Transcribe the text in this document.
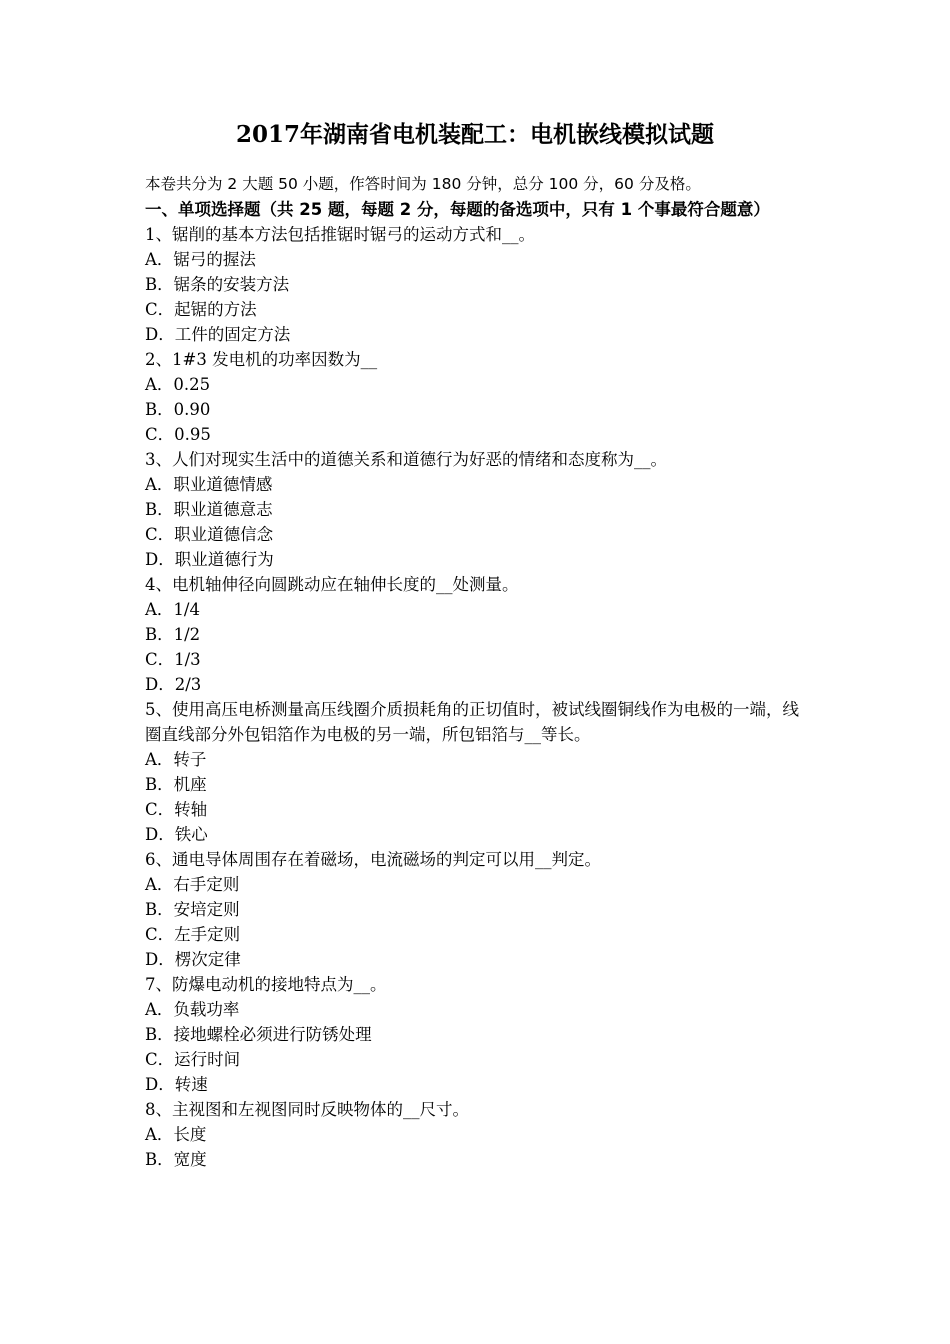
2017年湖南省电机装配工：电机嵌线模拟试题
本卷共分为 2 大题 50 小题，作答时间为 180 分钟，总分 100 分，60 分及格。
一、单项选择题（共 25 题，每题 2 分，每题的备选项中，只有 1 个事最符合题意）
1、锯削的基本方法包括推锯时锯弓的运动方式和__。
A．锯弓的握法
B．锯条的安装方法
C．起锯的方法
D．工件的固定方法
2、1#3 发电机的功率因数为__
A．0.25
B．0.90
C．0.95
3、人们对现实生活中的道德关系和道德行为好恶的情绪和态度称为__。
A．职业道德情感
B．职业道德意志
C．职业道德信念
D．职业道德行为
4、电机轴伸径向圆跳动应在轴伸长度的__处测量。
A．1/4
B．1/2
C．1/3
D．2/3
5、使用高压电桥测量高压线圈介质损耗角的正切值时，被试线圈铜线作为电极的一端，线圈直线部分外包铝箔作为电极的另一端，所包铝箔与__等长。
A．转子
B．机座
C．转轴
D．铁心
6、通电导体周围存在着磁场，电流磁场的判定可以用__判定。
A．右手定则
B．安培定则
C．左手定则
D．楞次定律
7、防爆电动机的接地特点为__。
A．负载功率
B．接地螺栓必须进行防锈处理
C．运行时间
D．转速
8、主视图和左视图同时反映物体的__尺寸。
A．长度
B．宽度
